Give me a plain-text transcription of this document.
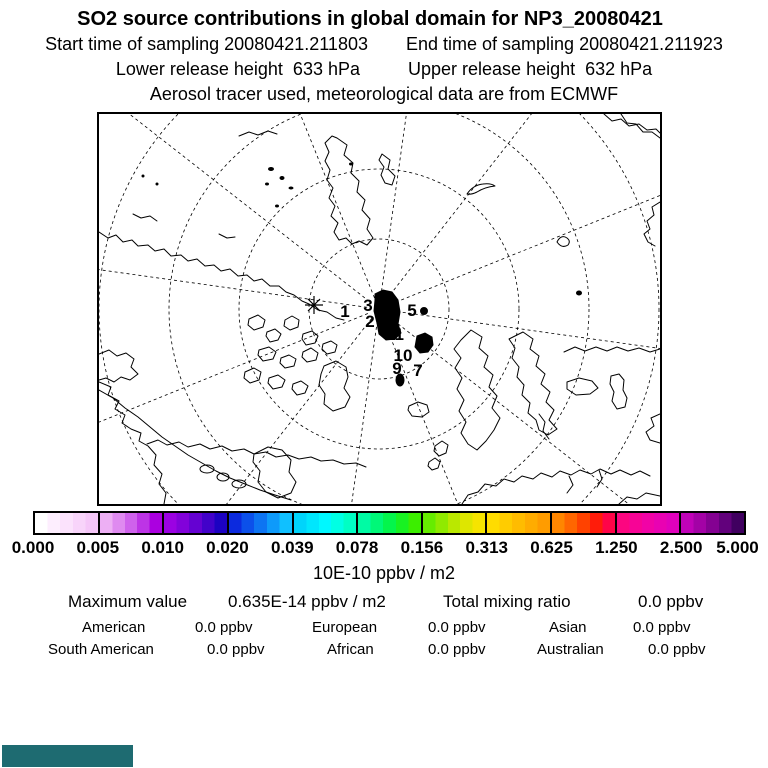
SO2 source contributions in global domain for NP3_20080421
Start time of sampling 20080421.211803 End time of sampling 20080421.211923
Lower release height  633 hPa	Upper release height  632 hPa
Aerosol tracer used, meteorological data are from ECMWF
1 3
2
5
11
10
9 7
0.000 0.005 0.010 0.020 0.039 0.078 0.156 0.313 0.625 1.250 2.500 5.000
10E-10 ppbv / m2
Maximum value 0.635E-14 ppbv / m2	Total mixing ratio	0.0 ppbv
American	0.0 ppbv	European	0.0 ppbv	Asian	0.0 ppbv
South American	0.0 ppbv	African	0.0 ppbv	Australian	0.0 ppbv
